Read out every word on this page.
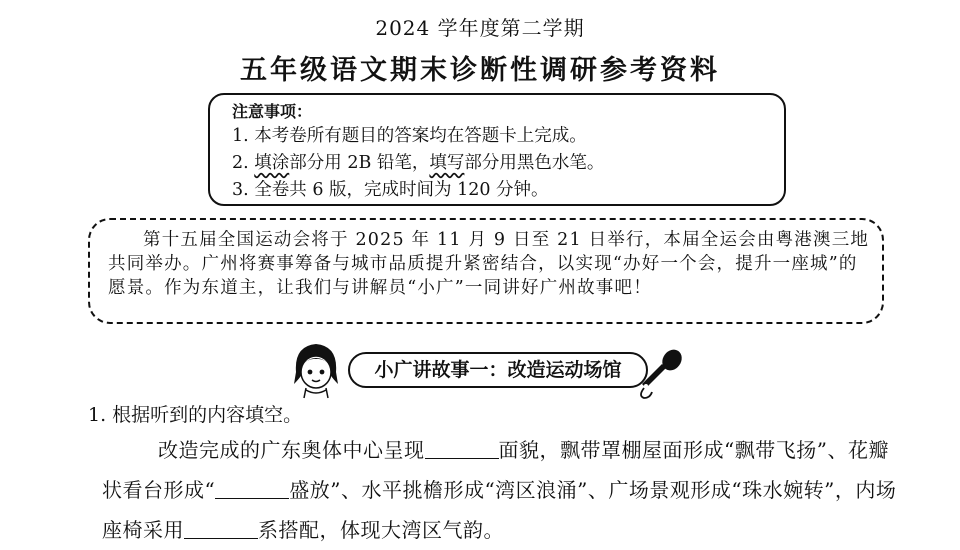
2024 学年度第二学期
五年级语文期末诊断性调研参考资料
注意事项：
1. 本考卷所有题目的答案均在答题卡上完成。
2. 填涂部分用 2B 铅笔，填写部分用黑色水笔。
3. 全卷共 6 版，完成时间为 120 分钟。

第十五届全国运动会将于 2025 年 11 月 9 日至 21 日举行，本届全运会由粤港澳三地共同举办。广州将赛事筹备与城市品质提升紧密结合，以实现“办好一个会，提升一座城”的愿景。作为东道主，让我们与讲解员“小广”一同讲好广州故事吧！

小广讲故事一：改造运动场馆
1. 根据听到的内容填空。
改造完成的广东奥体中心呈现	面貌，飘带罩棚屋面形成“飘带飞扬”、花瓣状看台形成“	盛放”、水平挑檐形成“湾区浪涌”、广场景观形成“珠水婉转”，内场座椅采用	系搭配，体现大湾区气韵。
